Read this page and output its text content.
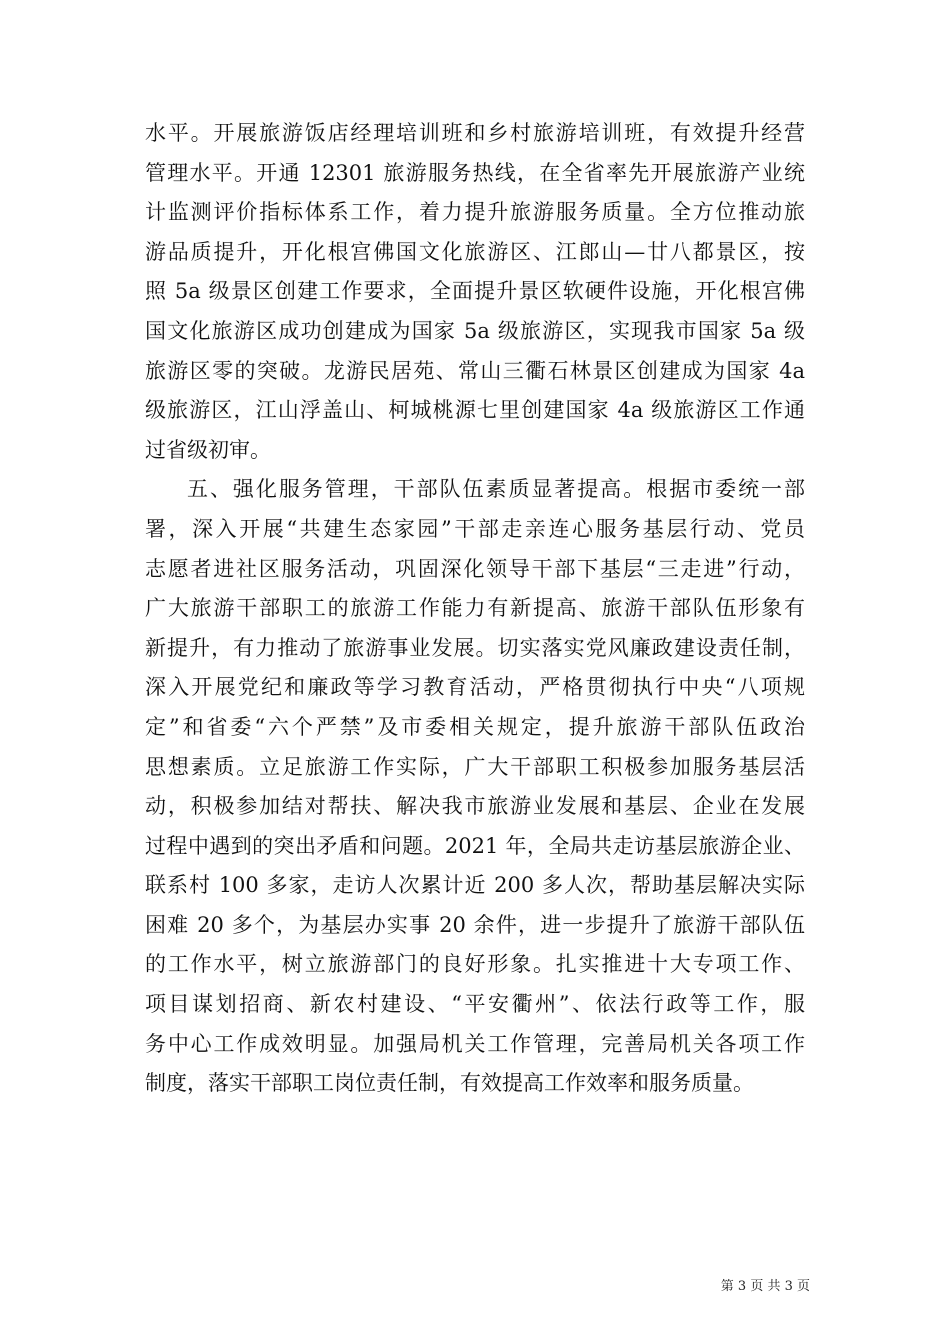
水平。开展旅游饭店经理培训班和乡村旅游培训班，有效提升经营
管理水平。开通 12301 旅游服务热线，在全省率先开展旅游产业统
计监测评价指标体系工作，着力提升旅游服务质量。全方位推动旅
游品质提升，开化根宫佛国文化旅游区、江郎山—廿八都景区，按
照 5a 级景区创建工作要求，全面提升景区软硬件设施，开化根宫佛
国文化旅游区成功创建成为国家 5a 级旅游区，实现我市国家 5a 级
旅游区零的突破。龙游民居苑、常山三衢石林景区创建成为国家 4a
级旅游区，江山浮盖山、柯城桃源七里创建国家 4a 级旅游区工作通
过省级初审。
五、强化服务管理，干部队伍素质显著提高。根据市委统一部
署，深入开展“共建生态家园”干部走亲连心服务基层行动、党员
志愿者进社区服务活动，巩固深化领导干部下基层“三走进”行动，
广大旅游干部职工的旅游工作能力有新提高、旅游干部队伍形象有
新提升，有力推动了旅游事业发展。切实落实党风廉政建设责任制，
深入开展党纪和廉政等学习教育活动，严格贯彻执行中央“八项规
定”和省委“六个严禁”及市委相关规定，提升旅游干部队伍政治
思想素质。立足旅游工作实际，广大干部职工积极参加服务基层活
动，积极参加结对帮扶、解决我市旅游业发展和基层、企业在发展
过程中遇到的突出矛盾和问题。2021 年，全局共走访基层旅游企业、
联系村 100 多家，走访人次累计近 200 多人次，帮助基层解决实际
困难 20 多个，为基层办实事 20 余件，进一步提升了旅游干部队伍
的工作水平，树立旅游部门的良好形象。扎实推进十大专项工作、
项目谋划招商、新农村建设、“平安衢州”、依法行政等工作，服
务中心工作成效明显。加强局机关工作管理，完善局机关各项工作
制度，落实干部职工岗位责任制，有效提高工作效率和服务质量。
第 3 页 共 3 页
